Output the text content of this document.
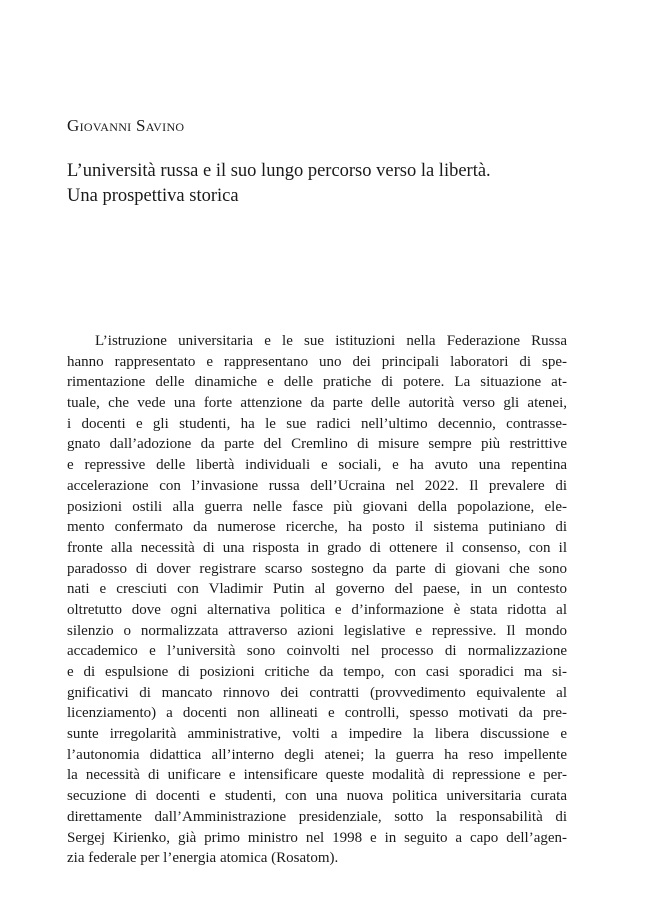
Giovanni Savino

L’università russa e il suo lungo percorso verso la libertà.
Una prospettiva storica
L’istruzione universitaria e le sue istituzioni nella Federazione Russa
hanno rappresentato e rappresentano uno dei principali laboratori di spe-
rimentazione delle dinamiche e delle pratiche di potere. La situazione at-
tuale, che vede una forte attenzione da parte delle autorità verso gli atenei,
i docenti e gli studenti, ha le sue radici nell’ultimo decennio, contrasse-
gnato dall’adozione da parte del Cremlino di misure sempre più restrittive
e repressive delle libertà individuali e sociali, e ha avuto una repentina
accelerazione con l’invasione russa dell’Ucraina nel 2022. Il prevalere di
posizioni ostili alla guerra nelle fasce più giovani della popolazione, ele-
mento confermato da numerose ricerche, ha posto il sistema putiniano di
fronte alla necessità di una risposta in grado di ottenere il consenso, con il
paradosso di dover registrare scarso sostegno da parte di giovani che sono
nati e cresciuti con Vladimir Putin al governo del paese, in un contesto
oltretutto dove ogni alternativa politica e d’informazione è stata ridotta al
silenzio o normalizzata attraverso azioni legislative e repressive. Il mondo
accademico e l’università sono coinvolti nel processo di normalizzazione
e di espulsione di posizioni critiche da tempo, con casi sporadici ma si-
gnificativi di mancato rinnovo dei contratti (provvedimento equivalente al
licenziamento) a docenti non allineati e controlli, spesso motivati da pre-
sunte irregolarità amministrative, volti a impedire la libera discussione e
l’autonomia didattica all’interno degli atenei; la guerra ha reso impellente
la necessità di unificare e intensificare queste modalità di repressione e per-
secuzione di docenti e studenti, con una nuova politica universitaria curata
direttamente dall’Amministrazione presidenziale, sotto la responsabilità di
Sergej Kirienko, già primo ministro nel 1998 e in seguito a capo dell’agen-
zia federale per l’energia atomica (Rosatom).
